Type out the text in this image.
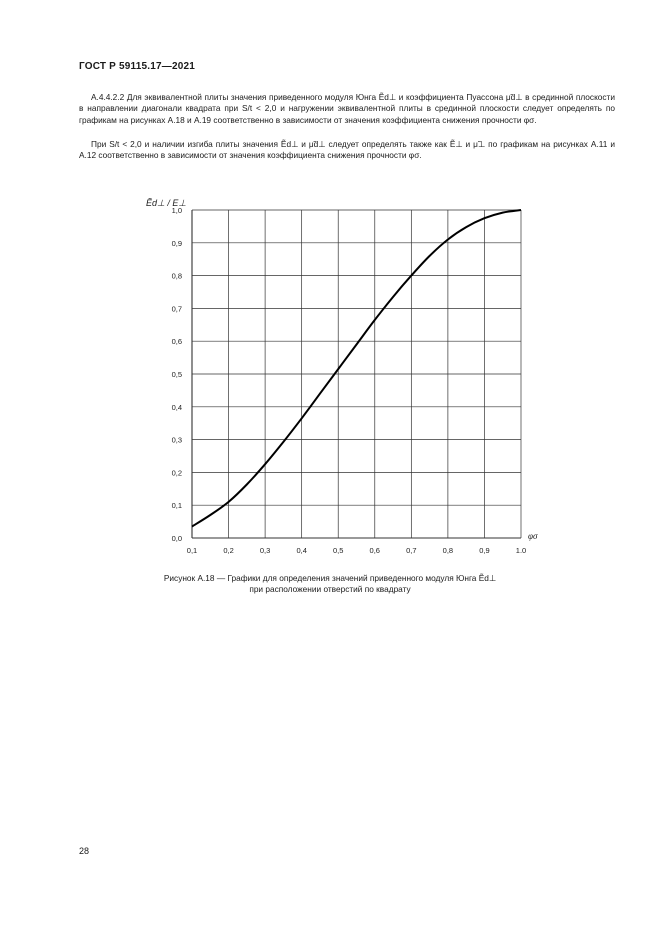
ГОСТ Р 59115.17—2021
А.4.4.2.2 Для эквивалентной плиты значения приведенного модуля Юнга Ẽd⊥ и коэффициента Пуассона μ̃d⊥ в срединной плоскости в направлении диагонали квадрата при S/t < 2,0 и нагружении эквивалентной плиты в срединной плоскости следует определять по графикам на рисунках А.18 и А.19 соответственно в зависимости от значения коэффициента снижения прочности φσ.
При S/t < 2,0 и наличии изгиба плиты значения Ẽd⊥ и μ̃d⊥ следует определять также как Ẽ⊥ и μ̃⊥ по графикам на рисунках А.11 и А.12 соответственно в зависимости от значения коэффициента снижения прочности φσ.
0,1	0,2	0,3	0,4	0,5	0,6	0,7	0,8	0,9	1.0
0,0
0,1
0,2
0,3
0,4
0,5
0,6
0,7
0,8
0,9
1,0
Ẽd⊥ / E⊥
φσ
Рисунок А.18 — Графики для определения значений приведенного модуля Юнга Ẽd⊥
при расположении отверстий по квадрату
28
